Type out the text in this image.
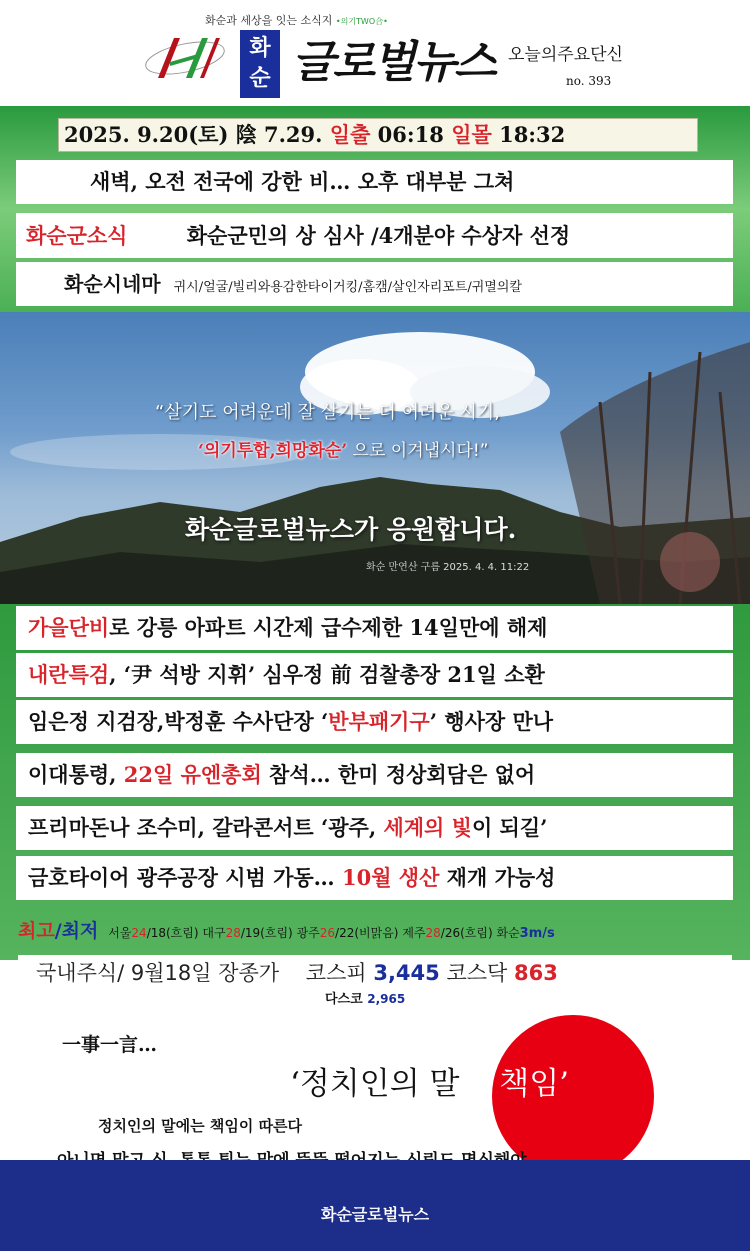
화순과 세상을 잇는 소식지 •의기TWO合•
화
순 글로벌뉴스 오늘의주요단신
no. 393
2025. 9.20(토) 陰 7.29. 일출 06:18 일몰 18:32
새벽, 오전 전국에 강한 비… 오후 대부분 그쳐
화순군소식	화순군민의 상 심사 /4개분야 수상자 선정
화순시네마 귀시/얼굴/빌리와용감한타이거킹/홈캠/살인자리포트/귀멸의칼
“살기도 어려운데 잘 살기는 더 어려운 시기,
‘의기투합,희망화순’ 으로 이겨냅시다!”
화순글로벌뉴스가 응원합니다.
화순 만연산 구름 2025. 4. 4. 11:22
가을단비로 강릉 아파트 시간제 급수제한 14일만에 해제
내란특검, ‘尹 석방 지휘’ 심우정 前 검찰총장 21일 소환
임은정 지검장,박정훈 수사단장 ‘반부패기구’ 행사장 만나
이대통령, 22일 유엔총회 참석… 한미 정상회담은 없어
프리마돈나 조수미, 갈라콘서트 ‘광주, 세계의 빛이 되길’
금호타이어 광주공장 시범 가동… 10월 생산 재개 가능성
최고/최저 서울24/18(흐림) 대구28/19(흐림) 광주26/22(비맑음) 제주28/26(흐림) 화순3m/s
국내주식/ 9월18일 장종가 코스피 3,445 코스닥 863
다스코 2,965
一事一言…
‘정치인의 말과 책임’
정치인의 말에는 책임이 따른다
화순글로벌뉴스
